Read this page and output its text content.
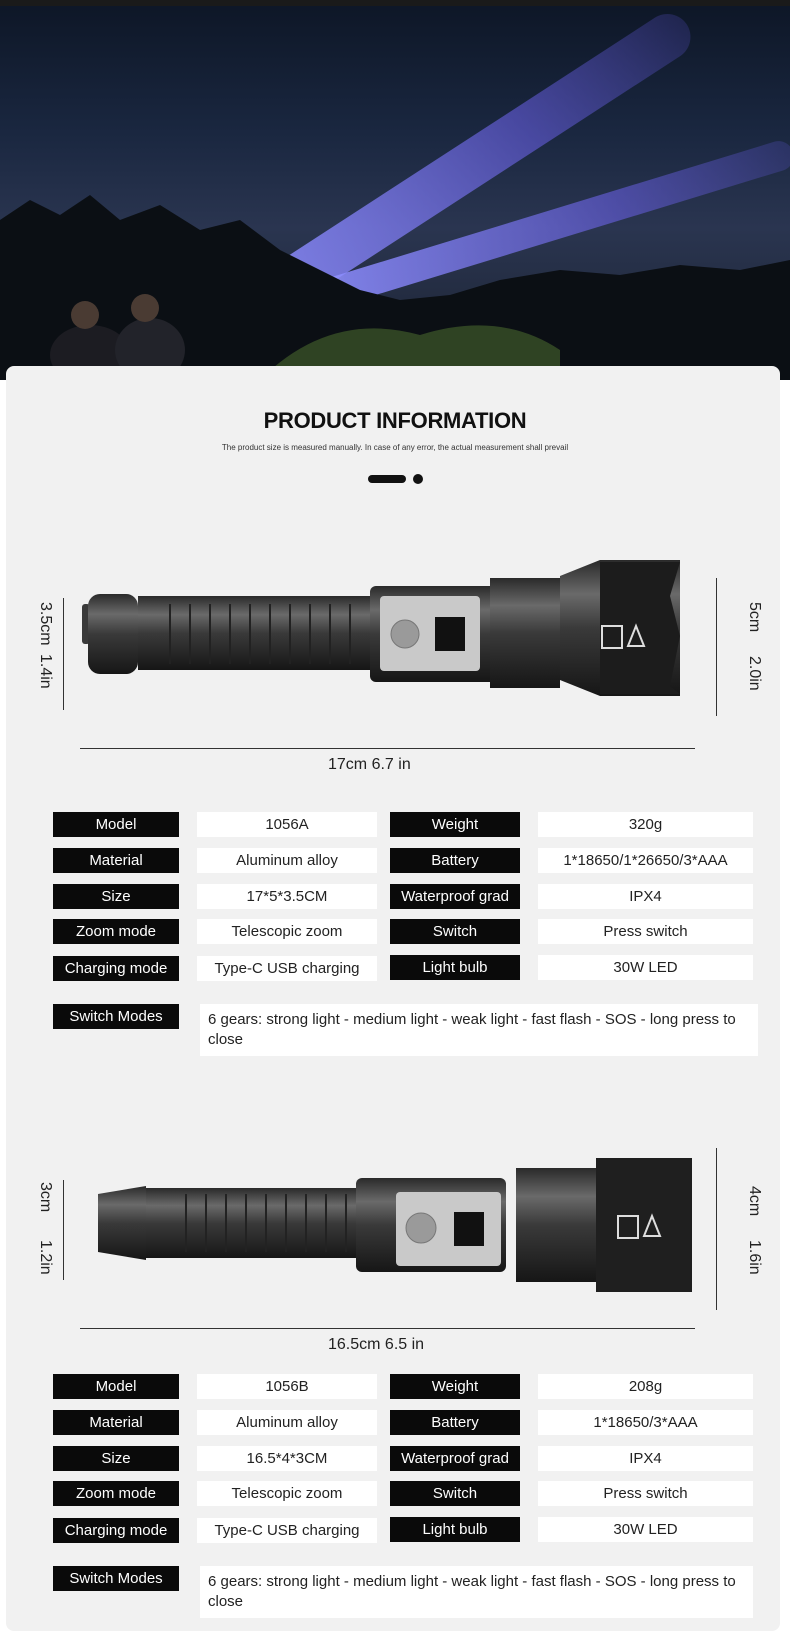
PRODUCT INFORMATION
The product size is measured manually. In case of any error, the actual measurement shall prevail
3.5cm
1.4in
5cm
2.0in
17cm 6.7 in
Model	1056A	Weight	320g
Material	Aluminum alloy	Battery	1*18650/1*26650/3*AAA
Size	17*5*3.5CM	Waterproof grad	IPX4
Zoom mode	Telescopic zoom	Switch	Press switch
Charging mode	Type-C USB charging	Light bulb	30W LED
Switch Modes	6 gears: strong light - medium light - weak light - fast flash - SOS - long press to close
3cm
1.2in
4cm
1.6in
16.5cm 6.5 in
Model	1056B	Weight	208g
Material	Aluminum alloy	Battery	1*18650/3*AAA
Size	16.5*4*3CM	Waterproof grad	IPX4
Zoom mode	Telescopic zoom	Switch	Press switch
Charging mode	Type-C USB charging	Light bulb	30W LED
Switch Modes	6 gears: strong light - medium light - weak light - fast flash - SOS - long press to close
